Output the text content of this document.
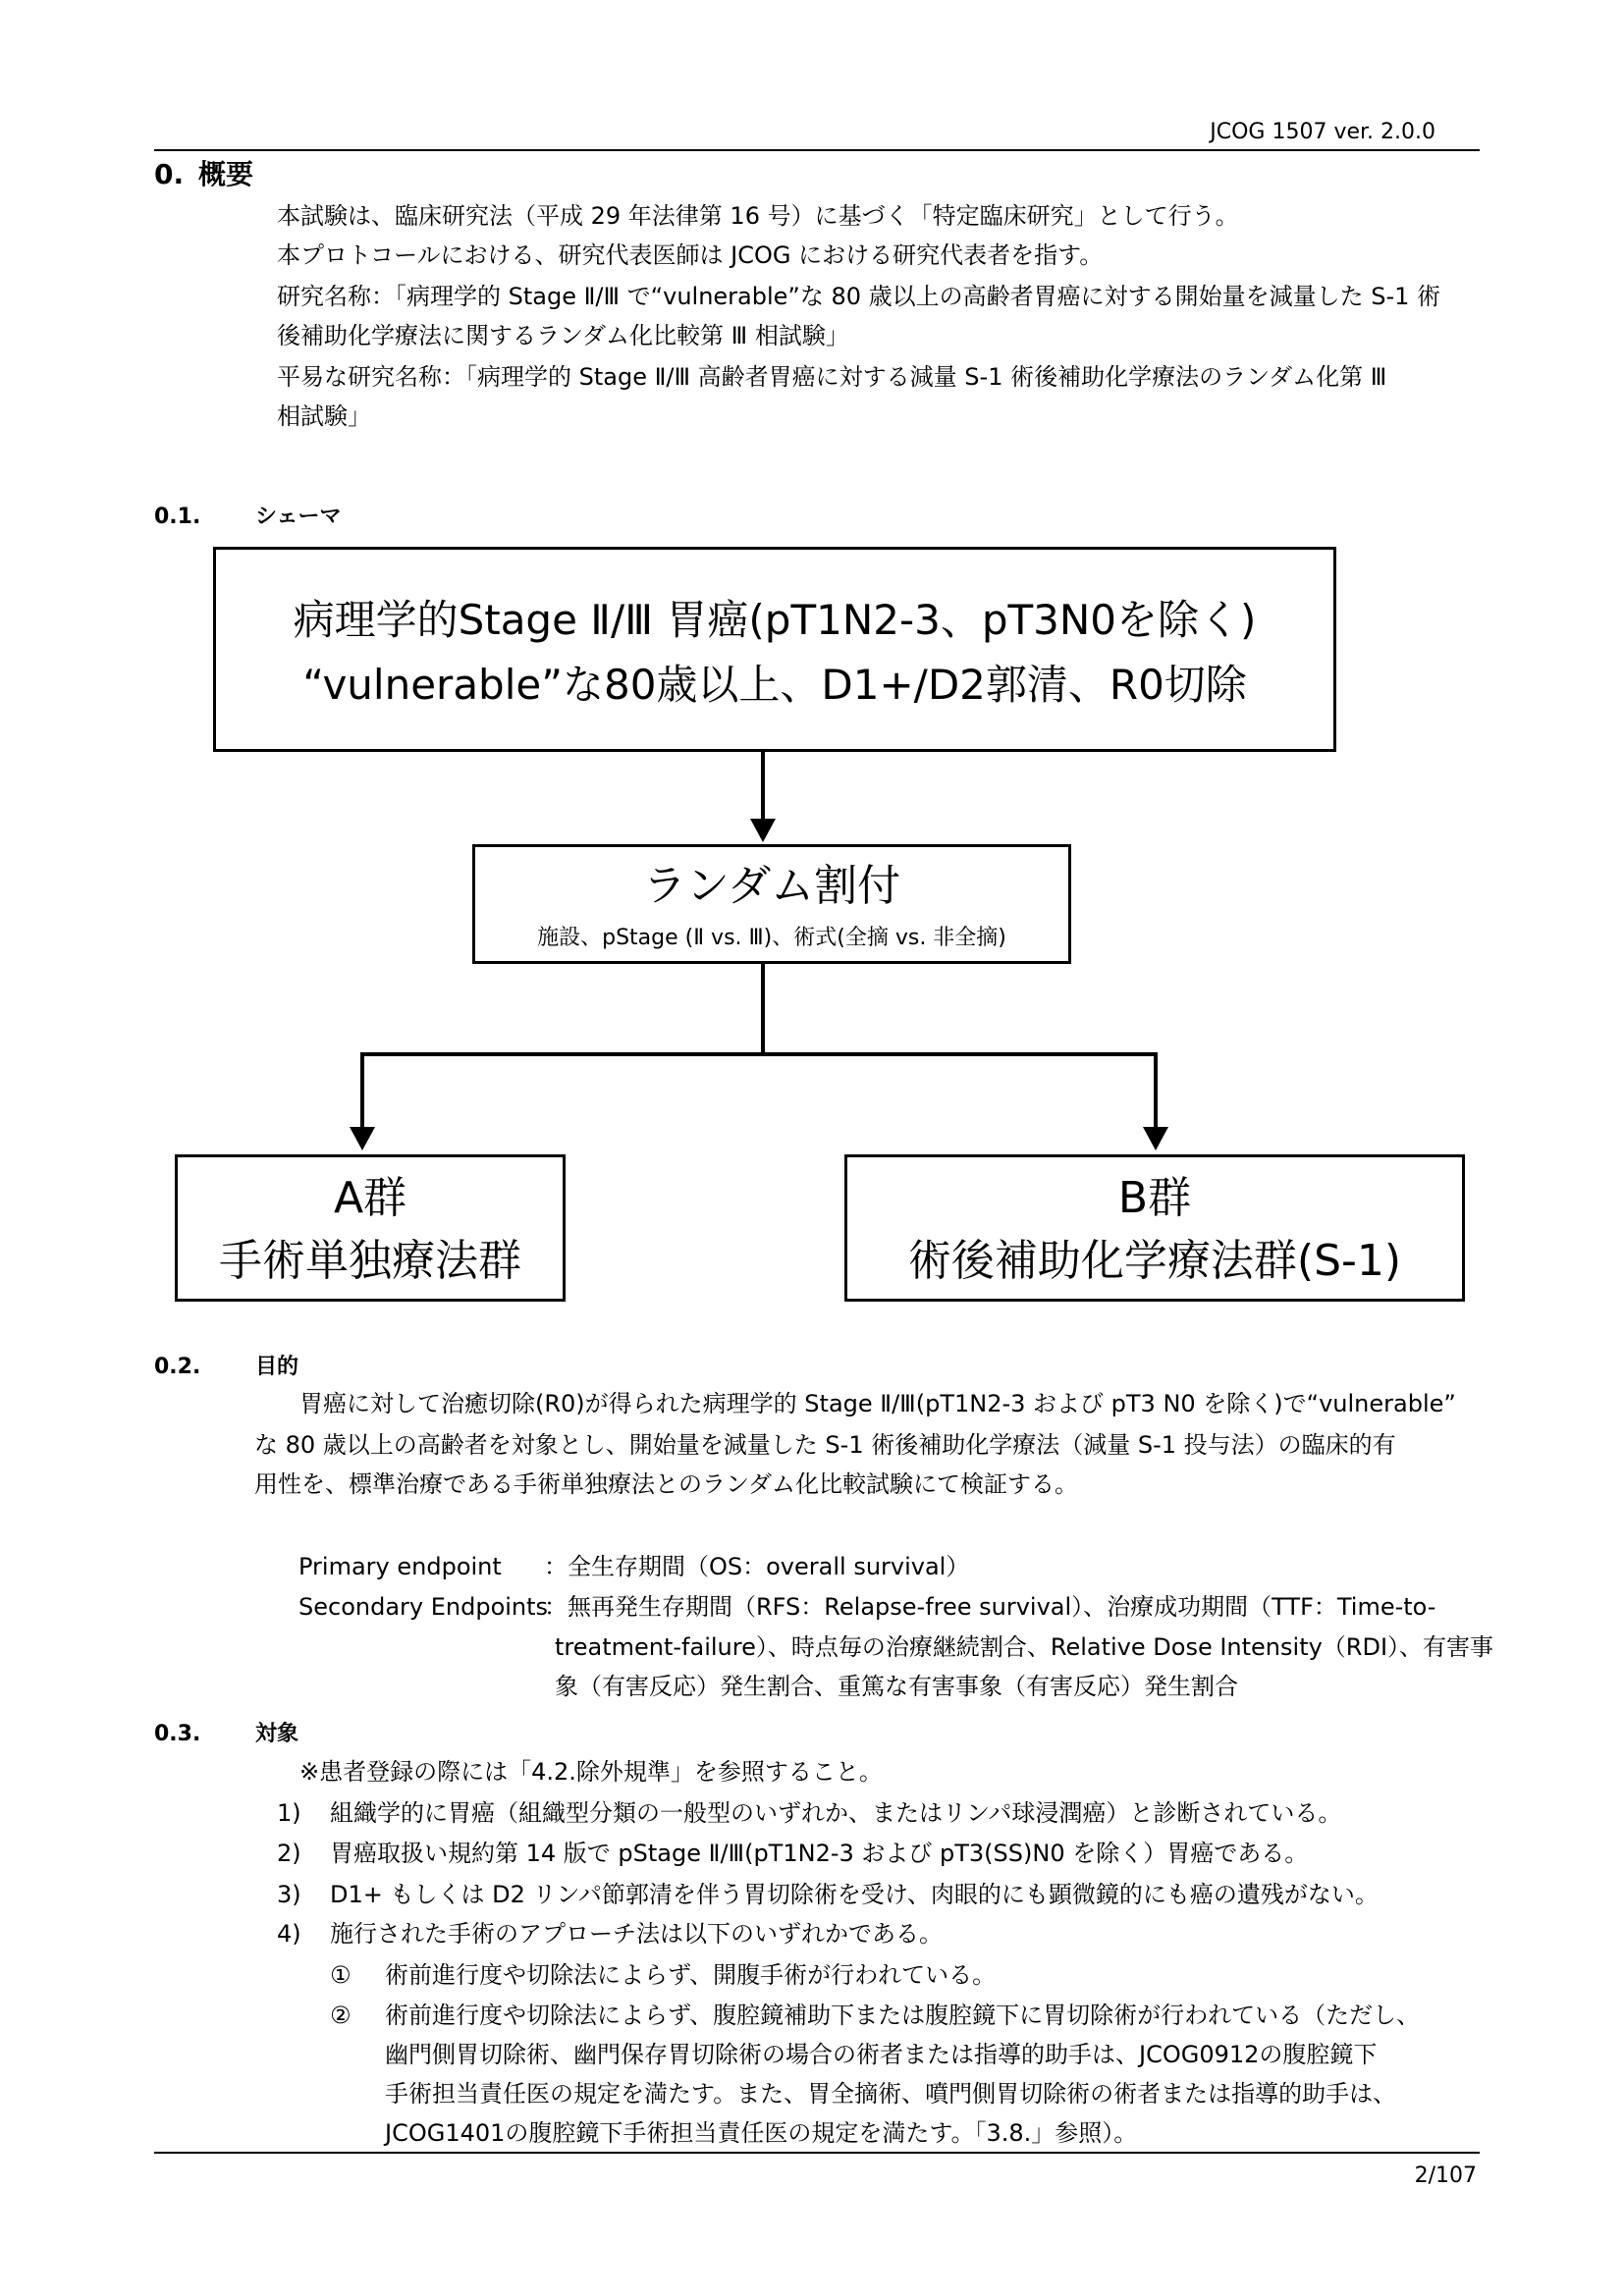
JCOG 1507 ver. 2.0.0
0. 概要
本試験は、臨床研究法（平成 29 年法律第 16 号）に基づく「特定臨床研究」として行う。
本プロトコールにおける、研究代表医師は JCOG における研究代表者を指す。
研究名称：「病理学的 Stage Ⅱ/Ⅲ で“vulnerable”な 80 歳以上の高齢者胃癌に対する開始量を減量した S-1 術
後補助化学療法に関するランダム化比較第 Ⅲ 相試験」
平易な研究名称：「病理学的 Stage Ⅱ/Ⅲ 高齢者胃癌に対する減量 S-1 術後補助化学療法のランダム化第 Ⅲ
相試験」
0.1.	シェーマ
病理学的Stage Ⅱ/Ⅲ 胃癌(pT1N2-3、pT3N0を除く)
“vulnerable”な80歳以上、D1+/D2郭清、R0切除
ランダム割付
施設、pStage (Ⅱ vs. Ⅲ)、術式(全摘 vs. 非全摘)
A群
手術単独療法群
B群
術後補助化学療法群(S-1)
0.2.	目的
胃癌に対して治癒切除(R0)が得られた病理学的 Stage Ⅱ/Ⅲ(pT1N2-3 および pT3 N0 を除く)で“vulnerable”
な 80 歳以上の高齢者を対象とし、開始量を減量した S-1 術後補助化学療法（減量 S-1 投与法）の臨床的有
用性を、標準治療である手術単独療法とのランダム化比較試験にて検証する。
Primary endpoint ：全生存期間（OS：overall survival）
Secondary Endpoints
：無再発生存期間（RFS：Relapse-free survival）、治療成功期間（TTF：Time-to-
treatment-failure）、時点毎の治療継続割合、Relative Dose Intensity（RDI）、有害事
象（有害反応）発生割合、重篤な有害事象（有害反応）発生割合
0.3.	対象
※患者登録の際には「4.2.除外規準」を参照すること。
1) 組織学的に胃癌（組織型分類の一般型のいずれか、またはリンパ球浸潤癌）と診断されている。
2) 胃癌取扱い規約第 14 版で pStage Ⅱ/Ⅲ(pT1N2-3 および pT3(SS)N0 を除く）胃癌である。
3) D1+ もしくは D2 リンパ節郭清を伴う胃切除術を受け、肉眼的にも顕微鏡的にも癌の遺残がない。
4) 施行された手術のアプローチ法は以下のいずれかである。
① 術前進行度や切除法によらず、開腹手術が行われている。
② 術前進行度や切除法によらず、腹腔鏡補助下または腹腔鏡下に胃切除術が行われている（ただし、
幽門側胃切除術、幽門保存胃切除術の場合の術者または指導的助手は、JCOG0912の腹腔鏡下
手術担当責任医の規定を満たす。また、胃全摘術、噴門側胃切除術の術者または指導的助手は、
JCOG1401の腹腔鏡下手術担当責任医の規定を満たす。「3.8.」参照）。
2/107
